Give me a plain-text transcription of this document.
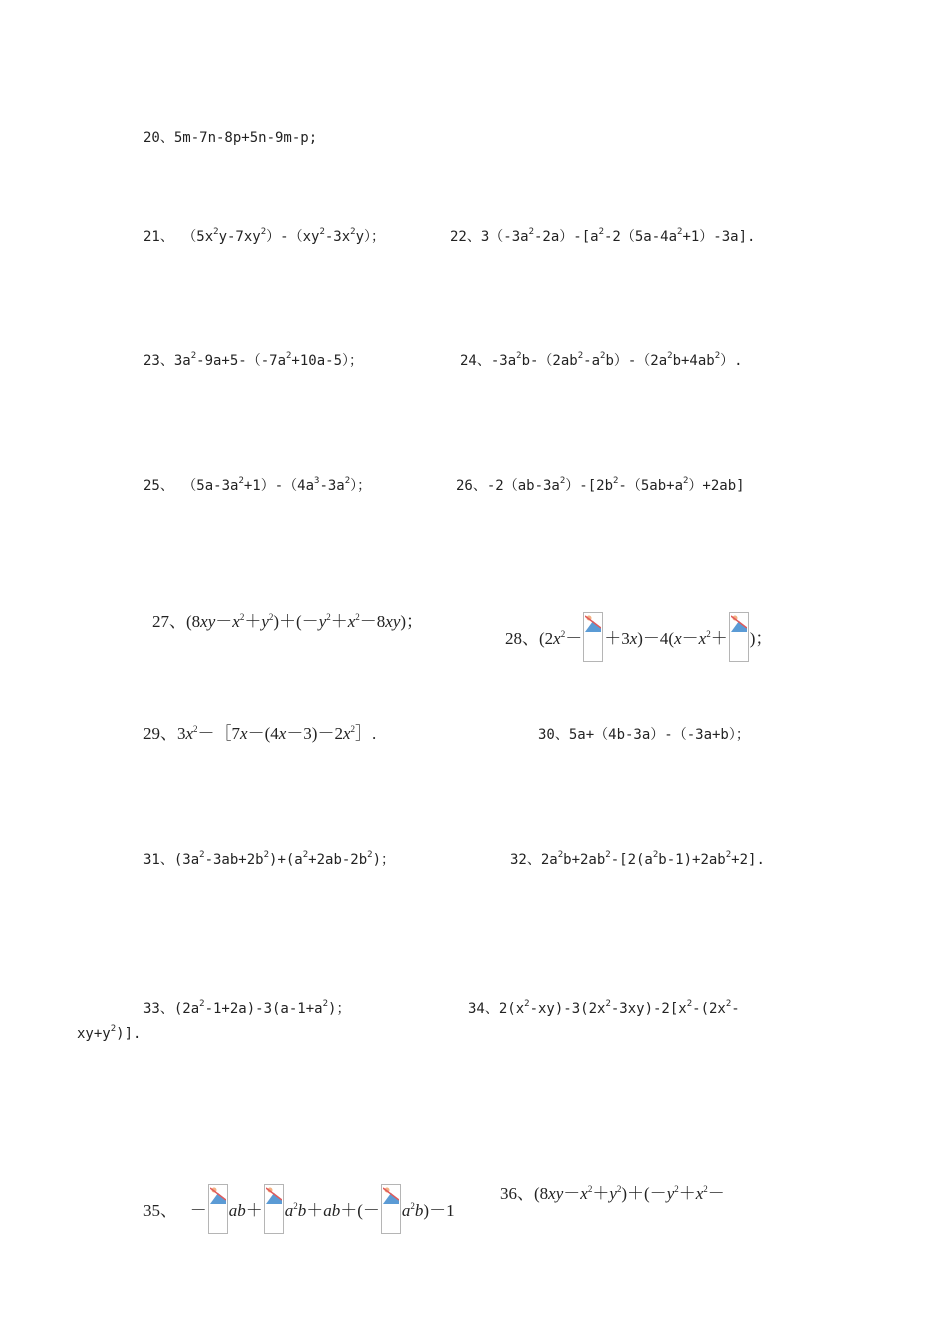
20、5m-7n-8p+5n-9m-p;
21、 $(5x^2y-7xy^2)-(xy^2-3x^2y)$；	22、$3(-3a^2-2a)-[a^2-2(5a-4a^2+1)-3a]$.
23、$3a^2-9a+5-(-7a^2+10a-5)$；	24、$-3a^2b-(2ab^2-a^2b)-(2a^2b+4ab^2)$.
25、 $(5a-3a^2+1)-(4a^3-3a^2)$；	26、$-2(ab-3a^2)-[2b^2-(5ab+a^2)+2ab]$
27、$(8xy-x^2+y^2)+(-y^2+x^2-8xy)$；
28、$(2x^2- +3x)-4(x-x^2+$ )；
29、$3x^2-[7x-(4x-3)-2x^2]$.	30、5a+（4b-3a）-（-3a+b）；
31、$(3a^2-3ab+2b^2)+(a^2+2ab-2b^2)$；	32、$2a^2b+2ab^2-[2(a^2b-1)+2ab^2+2]$.
33、$(2a^2-1+2a)-3(a-1+a^2)$；	34、$2(x^2-xy)-3(2x^2-3xy)-2[x^2-(2x^2-$
$xy+y^2$)].
35、 － $ab+ a^2b+ab+(- a^2b)-1$
36、$(8xy-x^2+y^2)+(-y^2+x^2-$
